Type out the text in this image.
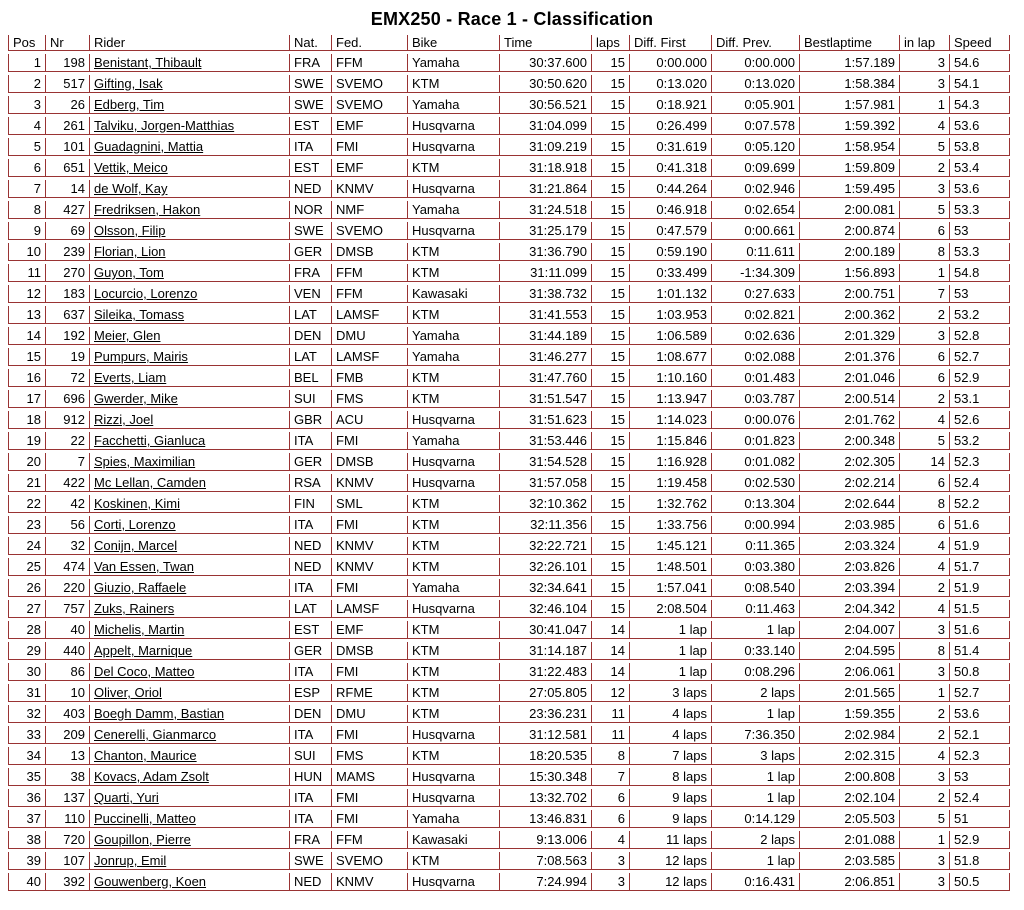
EMX250 - Race 1 - Classification
Pos	Nr	Rider	Nat.	Fed.	Bike	Time	laps	Diff. First	Diff. Prev.	Bestlaptime	in lap	Speed
1	198	Benistant, Thibault	FRA	FFM	Yamaha	30:37.600	15	0:00.000	0:00.000	1:57.189	3	54.6
2	517	Gifting, Isak	SWE	SVEMO	KTM	30:50.620	15	0:13.020	0:13.020	1:58.384	3	54.1
3	26	Edberg, Tim	SWE	SVEMO	Yamaha	30:56.521	15	0:18.921	0:05.901	1:57.981	1	54.3
4	261	Talviku, Jorgen-Matthias	EST	EMF	Husqvarna	31:04.099	15	0:26.499	0:07.578	1:59.392	4	53.6
5	101	Guadagnini, Mattia	ITA	FMI	Husqvarna	31:09.219	15	0:31.619	0:05.120	1:58.954	5	53.8
6	651	Vettik, Meico	EST	EMF	KTM	31:18.918	15	0:41.318	0:09.699	1:59.809	2	53.4
7	14	de Wolf, Kay	NED	KNMV	Husqvarna	31:21.864	15	0:44.264	0:02.946	1:59.495	3	53.6
8	427	Fredriksen, Hakon	NOR	NMF	Yamaha	31:24.518	15	0:46.918	0:02.654	2:00.081	5	53.3
9	69	Olsson, Filip	SWE	SVEMO	Husqvarna	31:25.179	15	0:47.579	0:00.661	2:00.874	6	53
10	239	Florian, Lion	GER	DMSB	KTM	31:36.790	15	0:59.190	0:11.611	2:00.189	8	53.3
11	270	Guyon, Tom	FRA	FFM	KTM	31:11.099	15	0:33.499	-1:34.309	1:56.893	1	54.8
12	183	Locurcio, Lorenzo	VEN	FFM	Kawasaki	31:38.732	15	1:01.132	0:27.633	2:00.751	7	53
13	637	Sileika, Tomass	LAT	LAMSF	KTM	31:41.553	15	1:03.953	0:02.821	2:00.362	2	53.2
14	192	Meier, Glen	DEN	DMU	Yamaha	31:44.189	15	1:06.589	0:02.636	2:01.329	3	52.8
15	19	Pumpurs, Mairis	LAT	LAMSF	Yamaha	31:46.277	15	1:08.677	0:02.088	2:01.376	6	52.7
16	72	Everts, Liam	BEL	FMB	KTM	31:47.760	15	1:10.160	0:01.483	2:01.046	6	52.9
17	696	Gwerder, Mike	SUI	FMS	KTM	31:51.547	15	1:13.947	0:03.787	2:00.514	2	53.1
18	912	Rizzi, Joel	GBR	ACU	Husqvarna	31:51.623	15	1:14.023	0:00.076	2:01.762	4	52.6
19	22	Facchetti, Gianluca	ITA	FMI	Yamaha	31:53.446	15	1:15.846	0:01.823	2:00.348	5	53.2
20	7	Spies, Maximilian	GER	DMSB	Husqvarna	31:54.528	15	1:16.928	0:01.082	2:02.305	14	52.3
21	422	Mc Lellan, Camden	RSA	KNMV	Husqvarna	31:57.058	15	1:19.458	0:02.530	2:02.214	6	52.4
22	42	Koskinen, Kimi	FIN	SML	KTM	32:10.362	15	1:32.762	0:13.304	2:02.644	8	52.2
23	56	Corti, Lorenzo	ITA	FMI	KTM	32:11.356	15	1:33.756	0:00.994	2:03.985	6	51.6
24	32	Conijn, Marcel	NED	KNMV	KTM	32:22.721	15	1:45.121	0:11.365	2:03.324	4	51.9
25	474	Van Essen, Twan	NED	KNMV	KTM	32:26.101	15	1:48.501	0:03.380	2:03.826	4	51.7
26	220	Giuzio, Raffaele	ITA	FMI	Yamaha	32:34.641	15	1:57.041	0:08.540	2:03.394	2	51.9
27	757	Zuks, Rainers	LAT	LAMSF	Husqvarna	32:46.104	15	2:08.504	0:11.463	2:04.342	4	51.5
28	40	Michelis, Martin	EST	EMF	KTM	30:41.047	14	1 lap	1 lap	2:04.007	3	51.6
29	440	Appelt, Marnique	GER	DMSB	KTM	31:14.187	14	1 lap	0:33.140	2:04.595	8	51.4
30	86	Del Coco, Matteo	ITA	FMI	KTM	31:22.483	14	1 lap	0:08.296	2:06.061	3	50.8
31	10	Oliver, Oriol	ESP	RFME	KTM	27:05.805	12	3 laps	2 laps	2:01.565	1	52.7
32	403	Boegh Damm, Bastian	DEN	DMU	KTM	23:36.231	11	4 laps	1 lap	1:59.355	2	53.6
33	209	Cenerelli, Gianmarco	ITA	FMI	Husqvarna	31:12.581	11	4 laps	7:36.350	2:02.984	2	52.1
34	13	Chanton, Maurice	SUI	FMS	KTM	18:20.535	8	7 laps	3 laps	2:02.315	4	52.3
35	38	Kovacs, Adam Zsolt	HUN	MAMS	Husqvarna	15:30.348	7	8 laps	1 lap	2:00.808	3	53
36	137	Quarti, Yuri	ITA	FMI	Husqvarna	13:32.702	6	9 laps	1 lap	2:02.104	2	52.4
37	110	Puccinelli, Matteo	ITA	FMI	Yamaha	13:46.831	6	9 laps	0:14.129	2:05.503	5	51
38	720	Goupillon, Pierre	FRA	FFM	Kawasaki	9:13.006	4	11 laps	2 laps	2:01.088	1	52.9
39	107	Jonrup, Emil	SWE	SVEMO	KTM	7:08.563	3	12 laps	1 lap	2:03.585	3	51.8
40	392	Gouwenberg, Koen	NED	KNMV	Husqvarna	7:24.994	3	12 laps	0:16.431	2:06.851	3	50.5
